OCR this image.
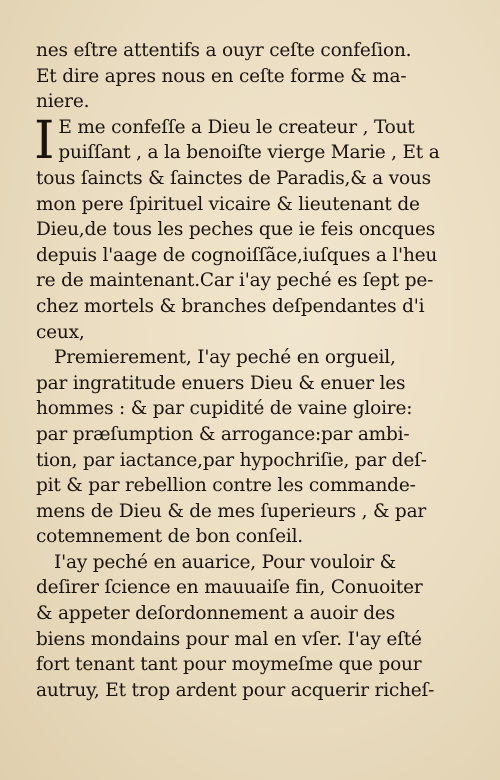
nes eſtre attentifs a ouyr ceſte confeſion.
Et dire apres nous en ceſte forme & ma-
niere.
I E me confeſſe a Dieu le createur , Tout
puiſſant , a la benoiſte vierge Marie , Et a
tous ſaincts & ſainctes de Paradis,& a vous
mon pere ſpirituel vicaire & lieutenant de
Dieu,de tous les peches que ie feis oncques
depuis l'aage de cognoiſſãce,iuſques a l'heu
re de maintenant.Car i'ay peché es ſept pe-
chez mortels & branches deſpendantes d'i
ceux,
Premierement, I'ay peché en orgueil,
par ingratitude enuers Dieu & enuer les
hommes : & par cupidité de vaine gloire:
par præſumption & arrogance:par ambi-
tion, par iactance,par hypochriſie, par deſ-
pit & par rebellion contre les commande-
mens de Dieu & de mes ſuperieurs , & par
cotemnement de bon conſeil.
I'ay peché en auarice, Pour vouloir &
deſirer ſcience en mauuaiſe fin, Conuoiter
& appeter deſordonnement a auoir des
biens mondains pour mal en vſer. I'ay eſté
fort tenant tant pour moymeſme que pour
autruy, Et trop ardent pour acquerir richeſ-
